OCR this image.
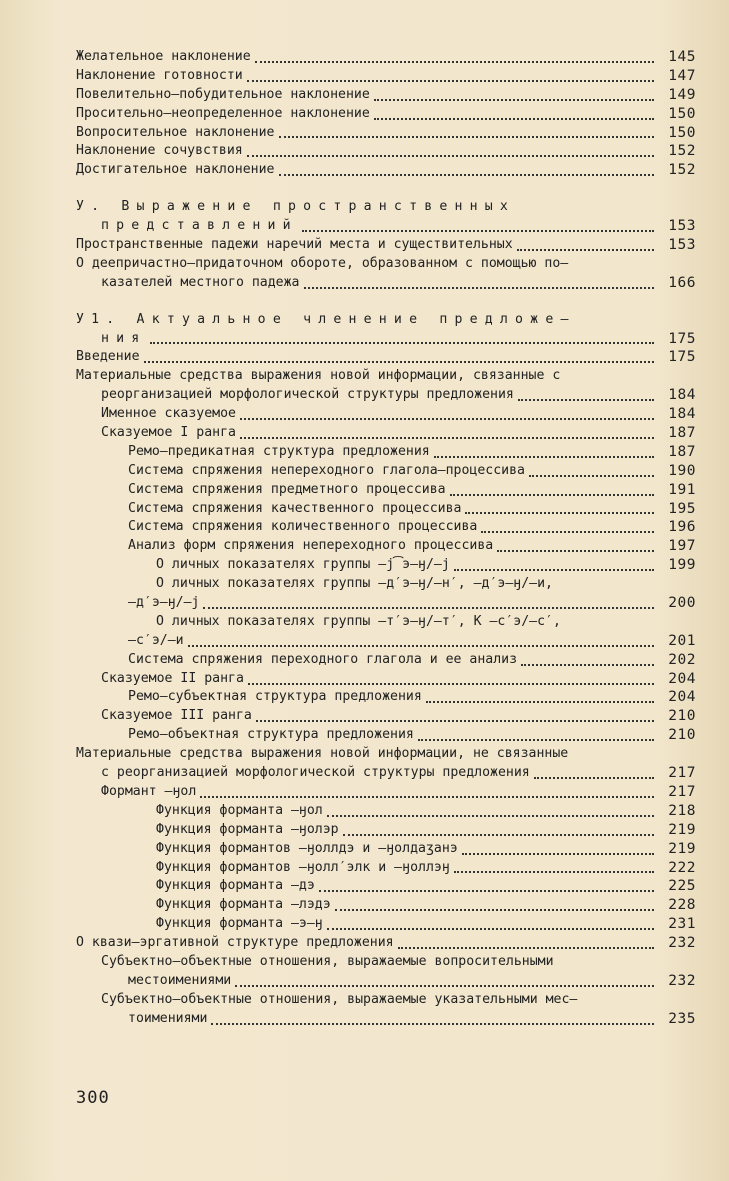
Желательное наклонение	145
Наклонение готовности	147
Повелительно–побудительное наклонение	149
Просительно–неопределенное наклонение	150
Вопросительное наклонение	150
Наклонение сочувствия	152
Достигательное наклонение	152
У. Выражение пространственных
представлений	153
Пространственные падежи наречий места и существительных	153
О деепричастно–придаточном обороте, образованном с помощью по–
казателей местного падежа	166
У1. Актуальное членение предложе–
ния	175
Введение	175
Материальные средства выражения новой информации, связанные с
реорганизацией морфологической структуры предложения	184
Именное сказуемое	184
Сказуемое I ранга	187
Ремо–предикатная структура предложения	187
Система спряжения непереходного глагола–процессива	190
Система спряжения предметного процессива	191
Система спряжения качественного процессива	195
Система спряжения количественного процессива	196
Анализ форм спряжения непереходного процессива	197
О личных показателях группы –ј͡э–ӈ/–ј	199
О личных показателях группы –д′э–ӈ/–н′, –д′э–ӈ/–и,
–д′э–ӈ/–ј	200
О личных показателях группы –т′э–ӈ/–т′, К –с′э/–с′,
–с′э/–и	201
Система спряжения переходного глагола и ее анализ	202
Сказуемое II ранга	204
Ремо–субъектная структура предложения	204
Сказуемое III ранга	210
Ремо–объектная структура предложения	210
Материальные средства выражения новой информации, не связанные
с реорганизацией морфологической структуры предложения	217
Формант –ӈол	217
Функция форманта –ӈол	218
Функция форманта –ӈолэр	219
Функция формантов –ӈоллдэ и –ӈолдаӡанэ	219
Функция формантов –ӈолл′элк и –ӈоллэӈ	222
Функция форманта –дэ	225
Функция форманта –лэдэ	228
Функция форманта –э–ӈ	231
О квази–эргативной структуре предложения	232
Субъектно–объектные отношения, выражаемые вопросительными
местоимениями	232
Субъектно–объектные отношения, выражаемые указательными мес–
тоимениями	235
300
